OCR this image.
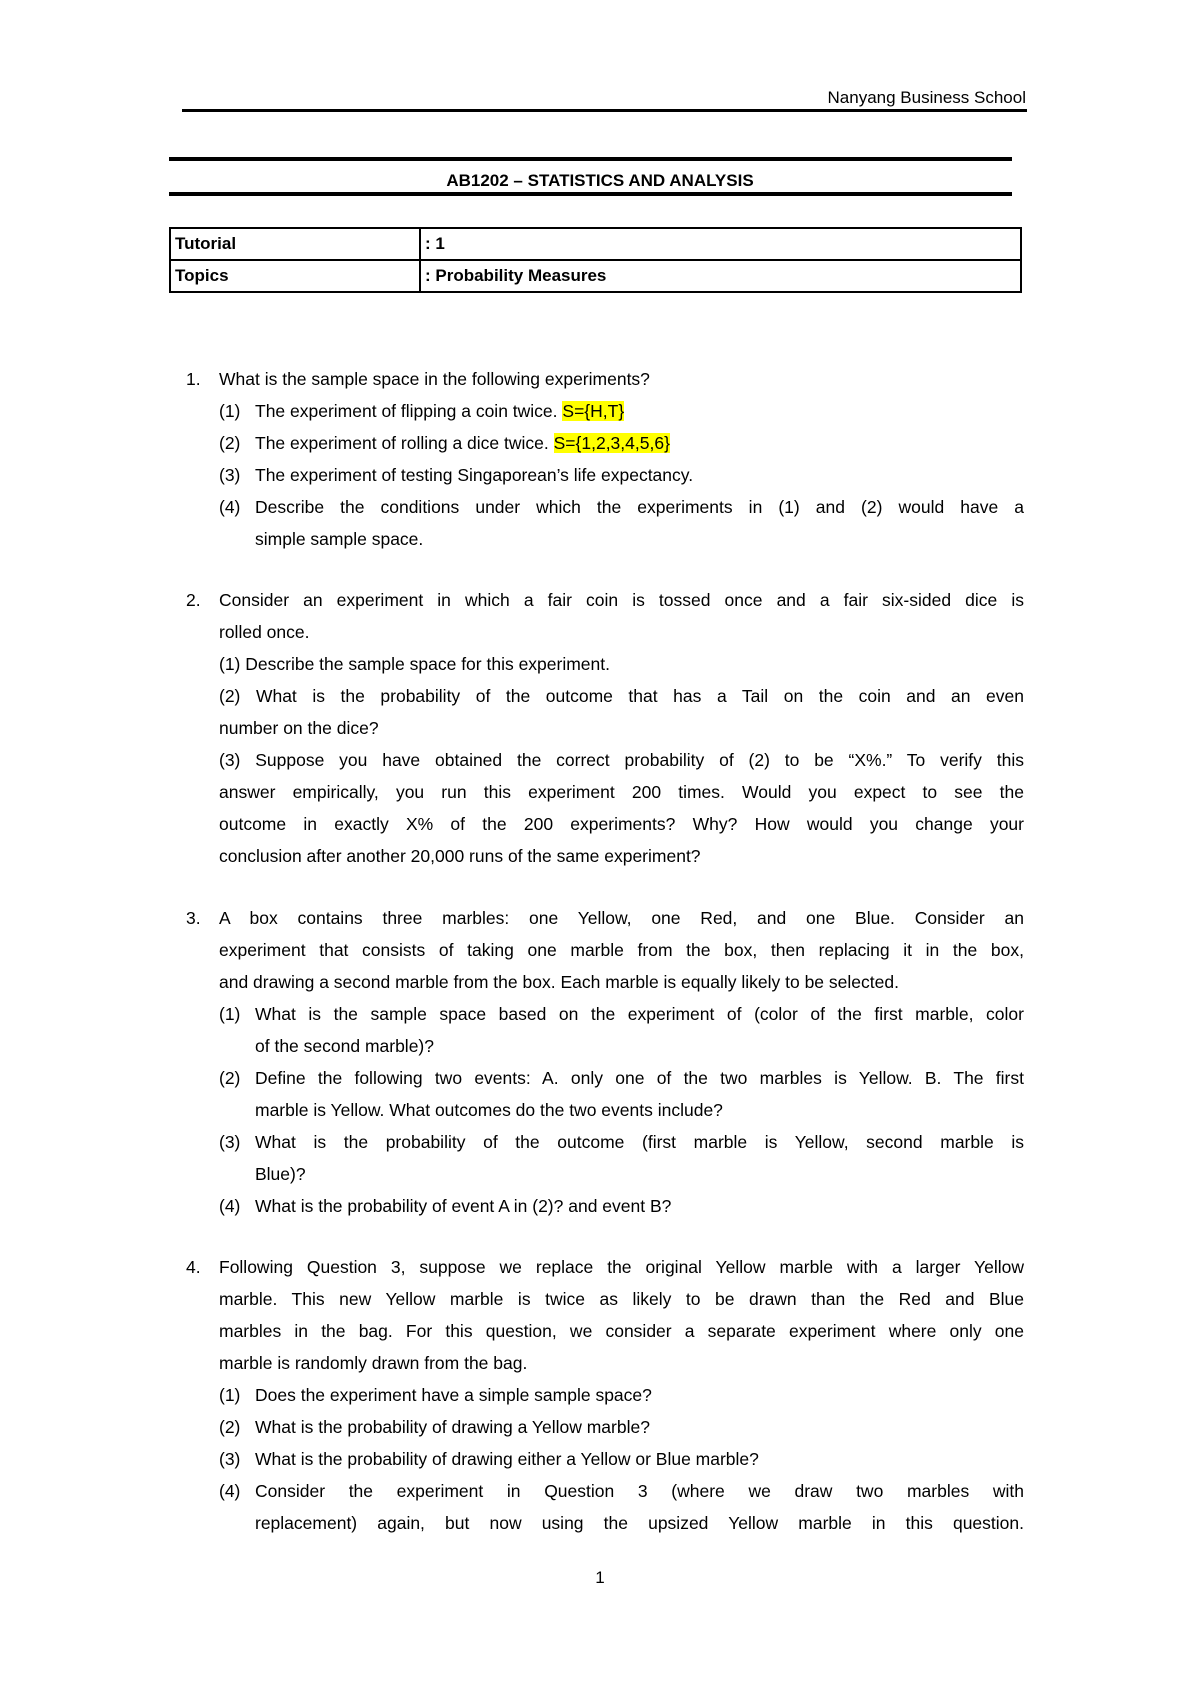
Nanyang Business School
AB1202 – STATISTICS AND ANALYSIS
Tutorial	: 1
Topics	: Probability Measures
1. What is the sample space in the following experiments?
(1) The experiment of flipping a coin twice. S={H,T}
(2) The experiment of rolling a dice twice. S={1,2,3,4,5,6}
(3) The experiment of testing Singaporean’s life expectancy.
(4) Describe the conditions under which the experiments in (1) and (2) would have a
simple sample space.
2. Consider an experiment in which a fair coin is tossed once and a fair six-sided dice is
rolled once.
(1) Describe the sample space for this experiment.
(2) What is the probability of the outcome that has a Tail on the coin and an even
number on the dice?
(3) Suppose you have obtained the correct probability of (2) to be “X%.” To verify this
answer empirically, you run this experiment 200 times. Would you expect to see the
outcome in exactly X% of the 200 experiments? Why? How would you change your
conclusion after another 20,000 runs of the same experiment?
3. A box contains three marbles: one Yellow, one Red, and one Blue. Consider an
experiment that consists of taking one marble from the box, then replacing it in the box,
and drawing a second marble from the box. Each marble is equally likely to be selected.
(1) What is the sample space based on the experiment of (color of the first marble, color
of the second marble)?
(2) Define the following two events: A. only one of the two marbles is Yellow. B. The first
marble is Yellow. What outcomes do the two events include?
(3) What is the probability of the outcome (first marble is Yellow, second marble is
Blue)?
(4) What is the probability of event A in (2)? and event B?
4. Following Question 3, suppose we replace the original Yellow marble with a larger Yellow
marble. This new Yellow marble is twice as likely to be drawn than the Red and Blue
marbles in the bag. For this question, we consider a separate experiment where only one
marble is randomly drawn from the bag.
(1) Does the experiment have a simple sample space?
(2) What is the probability of drawing a Yellow marble?
(3) What is the probability of drawing either a Yellow or Blue marble?
(4) Consider the experiment in Question 3 (where we draw two marbles with
replacement) again, but now using the upsized Yellow marble in this question.
1
